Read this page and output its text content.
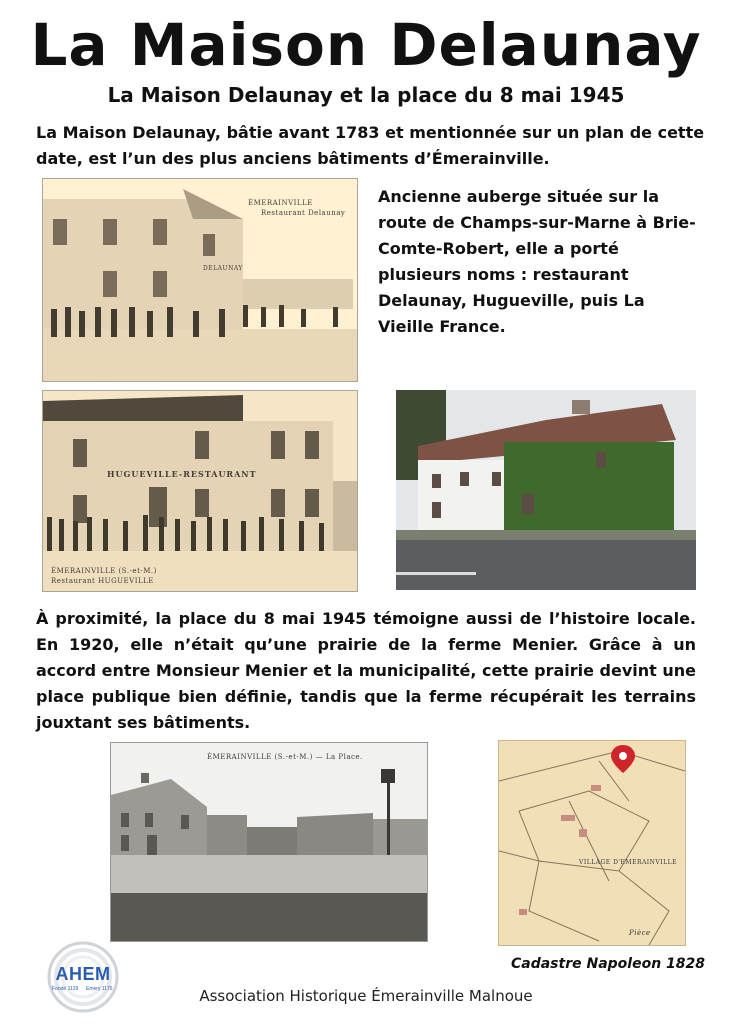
La Maison Delaunay
La Maison Delaunay et la place du 8 mai 1945

La Maison Delaunay, bâtie avant 1783 et mentionnée sur un plan de cette date, est l’un des plus anciens bâtiments d’Émerainville.

ÉMERAINVILLE
Restaurant Delaunay
DELAUNAY

Ancienne auberge située sur la route de Champs-sur-Marne à Brie-Comte-Robert, elle a porté plusieurs noms : restaurant Delaunay, Hugueville, puis La Vieille France.

HUGUEVILLE-RESTAURANT
ÉMERAINVILLE (S.-et-M.)
Restaurant HUGUEVILLE

À proximité, la place du 8 mai 1945 témoigne aussi de l’histoire locale. En 1920, elle n’était qu’une prairie de la ferme Menier. Grâce à un accord entre Monsieur Menier et la municipalité, cette prairie devint une place publique bien définie, tandis que la ferme récupérait les terrains jouxtant ses bâtiments.

ÉMERAINVILLE (S.-et-M.) — La Place.
VILLAGE D'EMERAINVILLE
Pièce
Cadastre Napoleon 1828
AHEM
Fondé 1129 Emery 1176	Association Historique Émerainville Malnoue
